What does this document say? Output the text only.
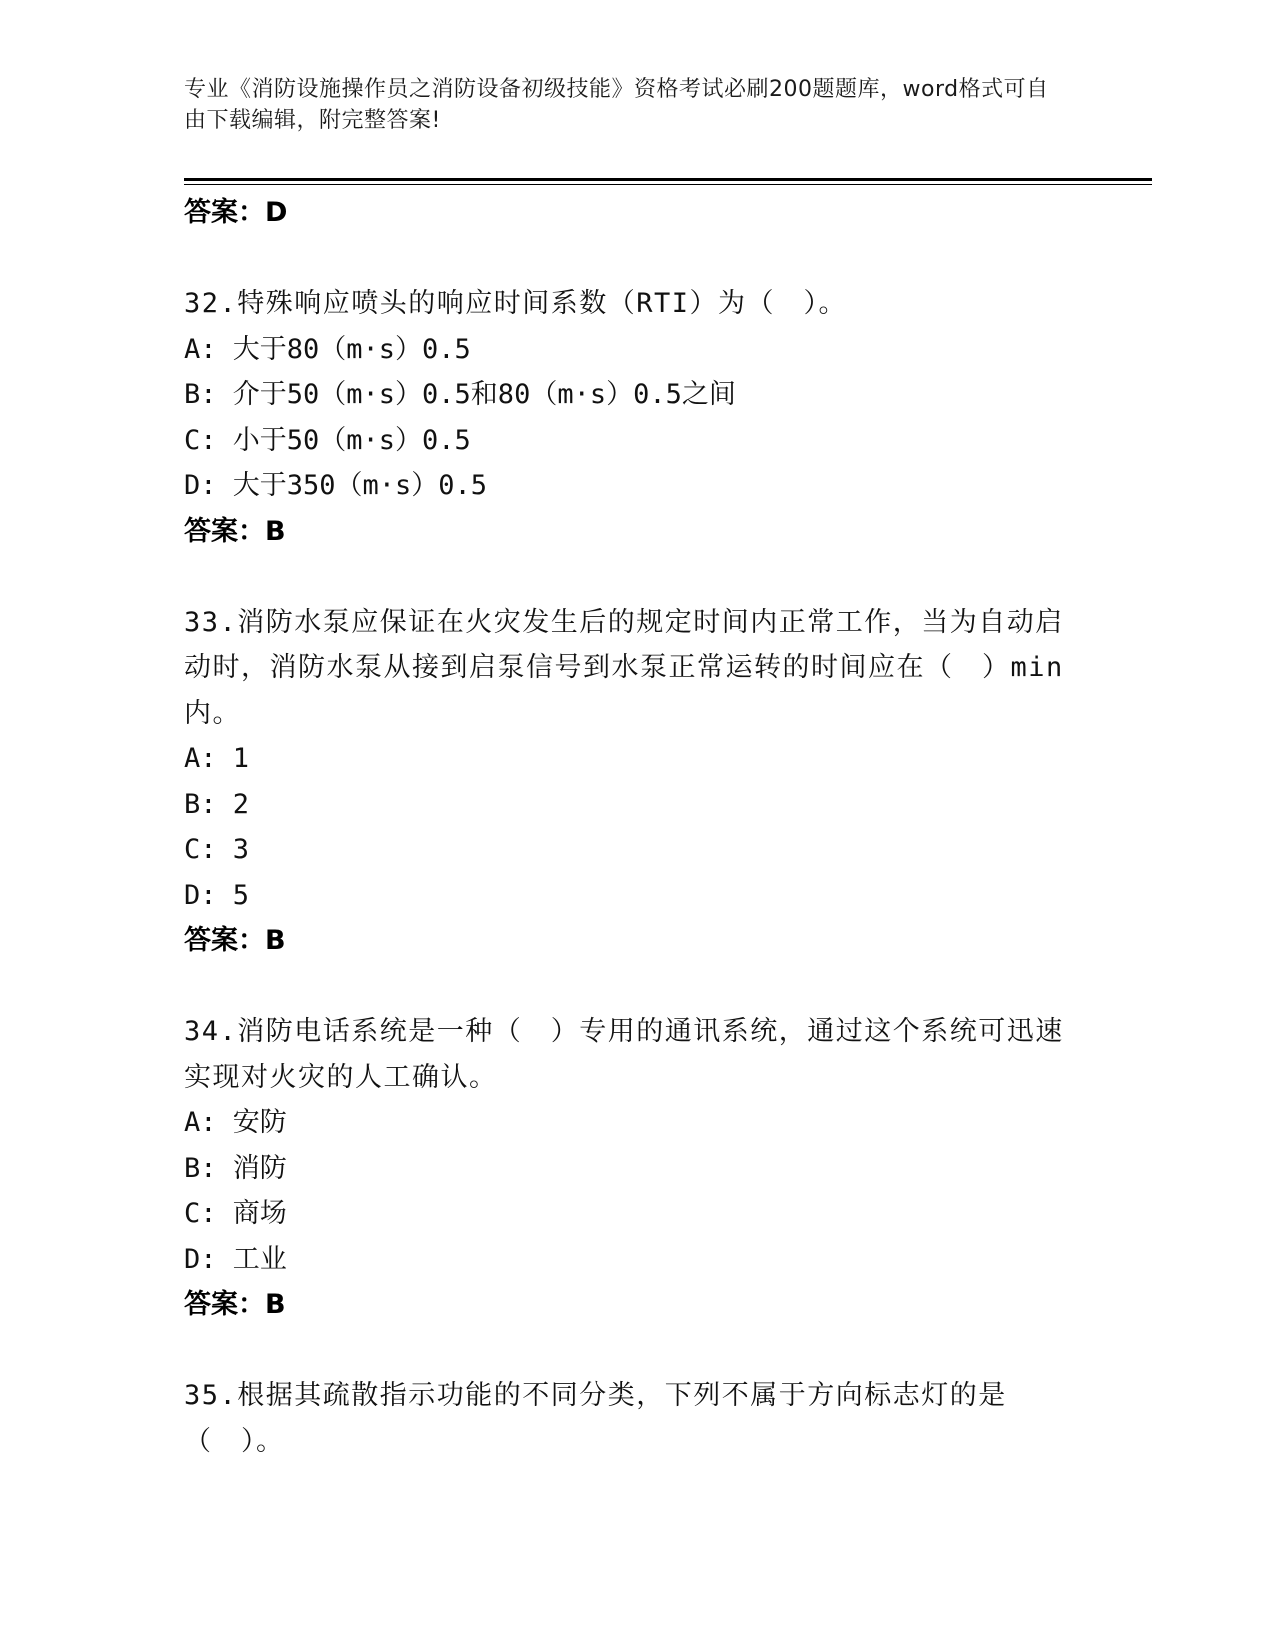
专业《消防设施操作员之消防设备初级技能》资格考试必刷200题题库，word格式可自由下载编辑，附完整答案!
答案：D
32.特殊响应喷头的响应时间系数（RTI）为（　）。
A: 大于80（m·s）0.5
B: 介于50（m·s）0.5和80（m·s）0.5之间
C: 小于50（m·s）0.5
D: 大于350（m·s）0.5
答案：B
33.消防水泵应保证在火灾发生后的规定时间内正常工作，当为自动启动时，消防水泵从接到启泵信号到水泵正常运转的时间应在（　）min内。
A: 1
B: 2
C: 3
D: 5
答案：B
34.消防电话系统是一种（　）专用的通讯系统，通过这个系统可迅速实现对火灾的人工确认。
A: 安防
B: 消防
C: 商场
D: 工业
答案：B
35.根据其疏散指示功能的不同分类，下列不属于方向标志灯的是（　）。
